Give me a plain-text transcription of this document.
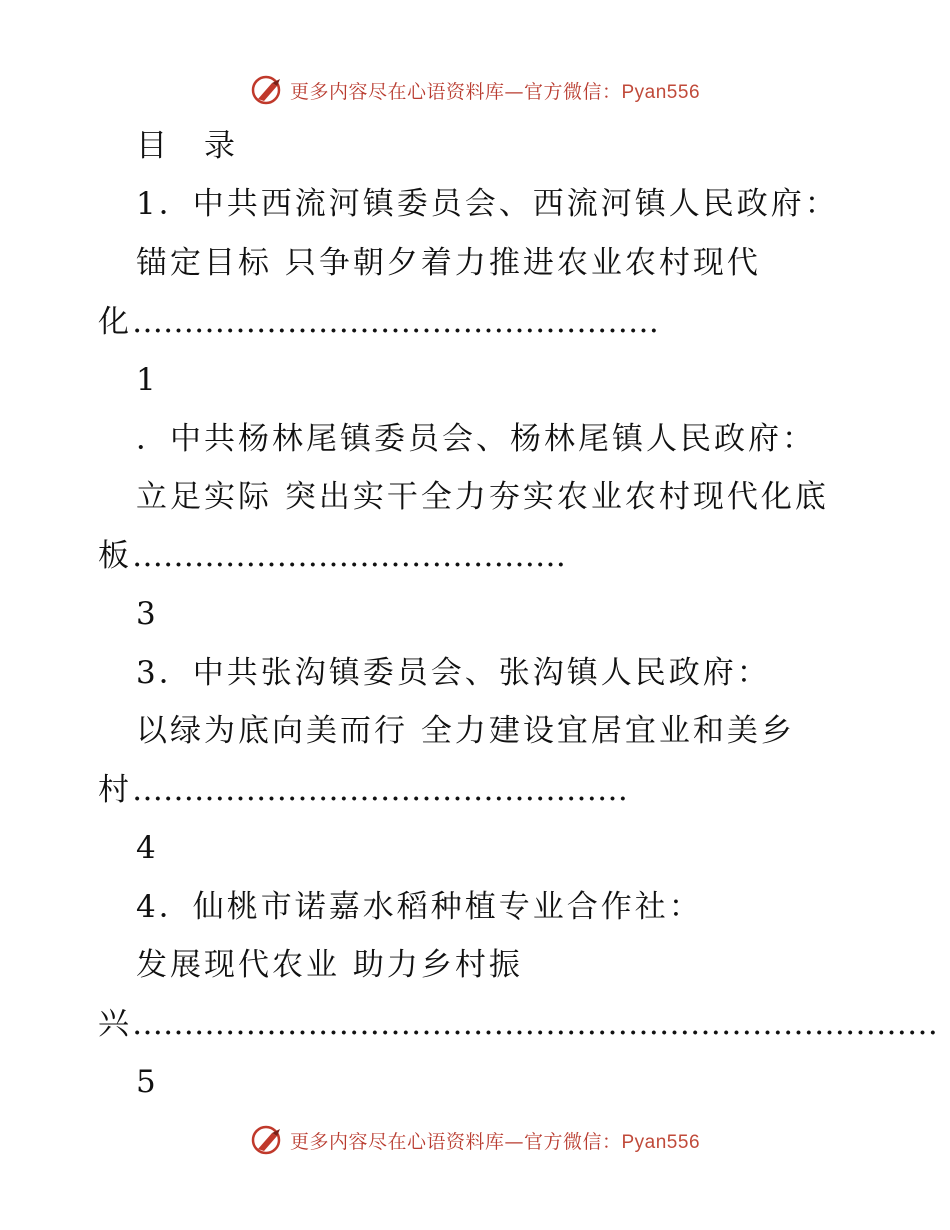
更多内容尽在心语资料库—官方微信：Pyan556
目　录
1．中共西流河镇委员会、西流河镇人民政府：
锚定目标 只争朝夕着力推进农业农村现代
化……………………………………………
1
．中共杨林尾镇委员会、杨林尾镇人民政府：
立足实际 突出实干全力夯实农业农村现代化底
板……………………………………
3
3．中共张沟镇委员会、张沟镇人民政府：
以绿为底向美而行 全力建设宜居宜业和美乡
村…………………………………………
4
4．仙桃市诺嘉水稻种植专业合作社：
发展现代农业 助力乡村振
兴……………………………………………………………………
5
更多内容尽在心语资料库—官方微信：Pyan556
